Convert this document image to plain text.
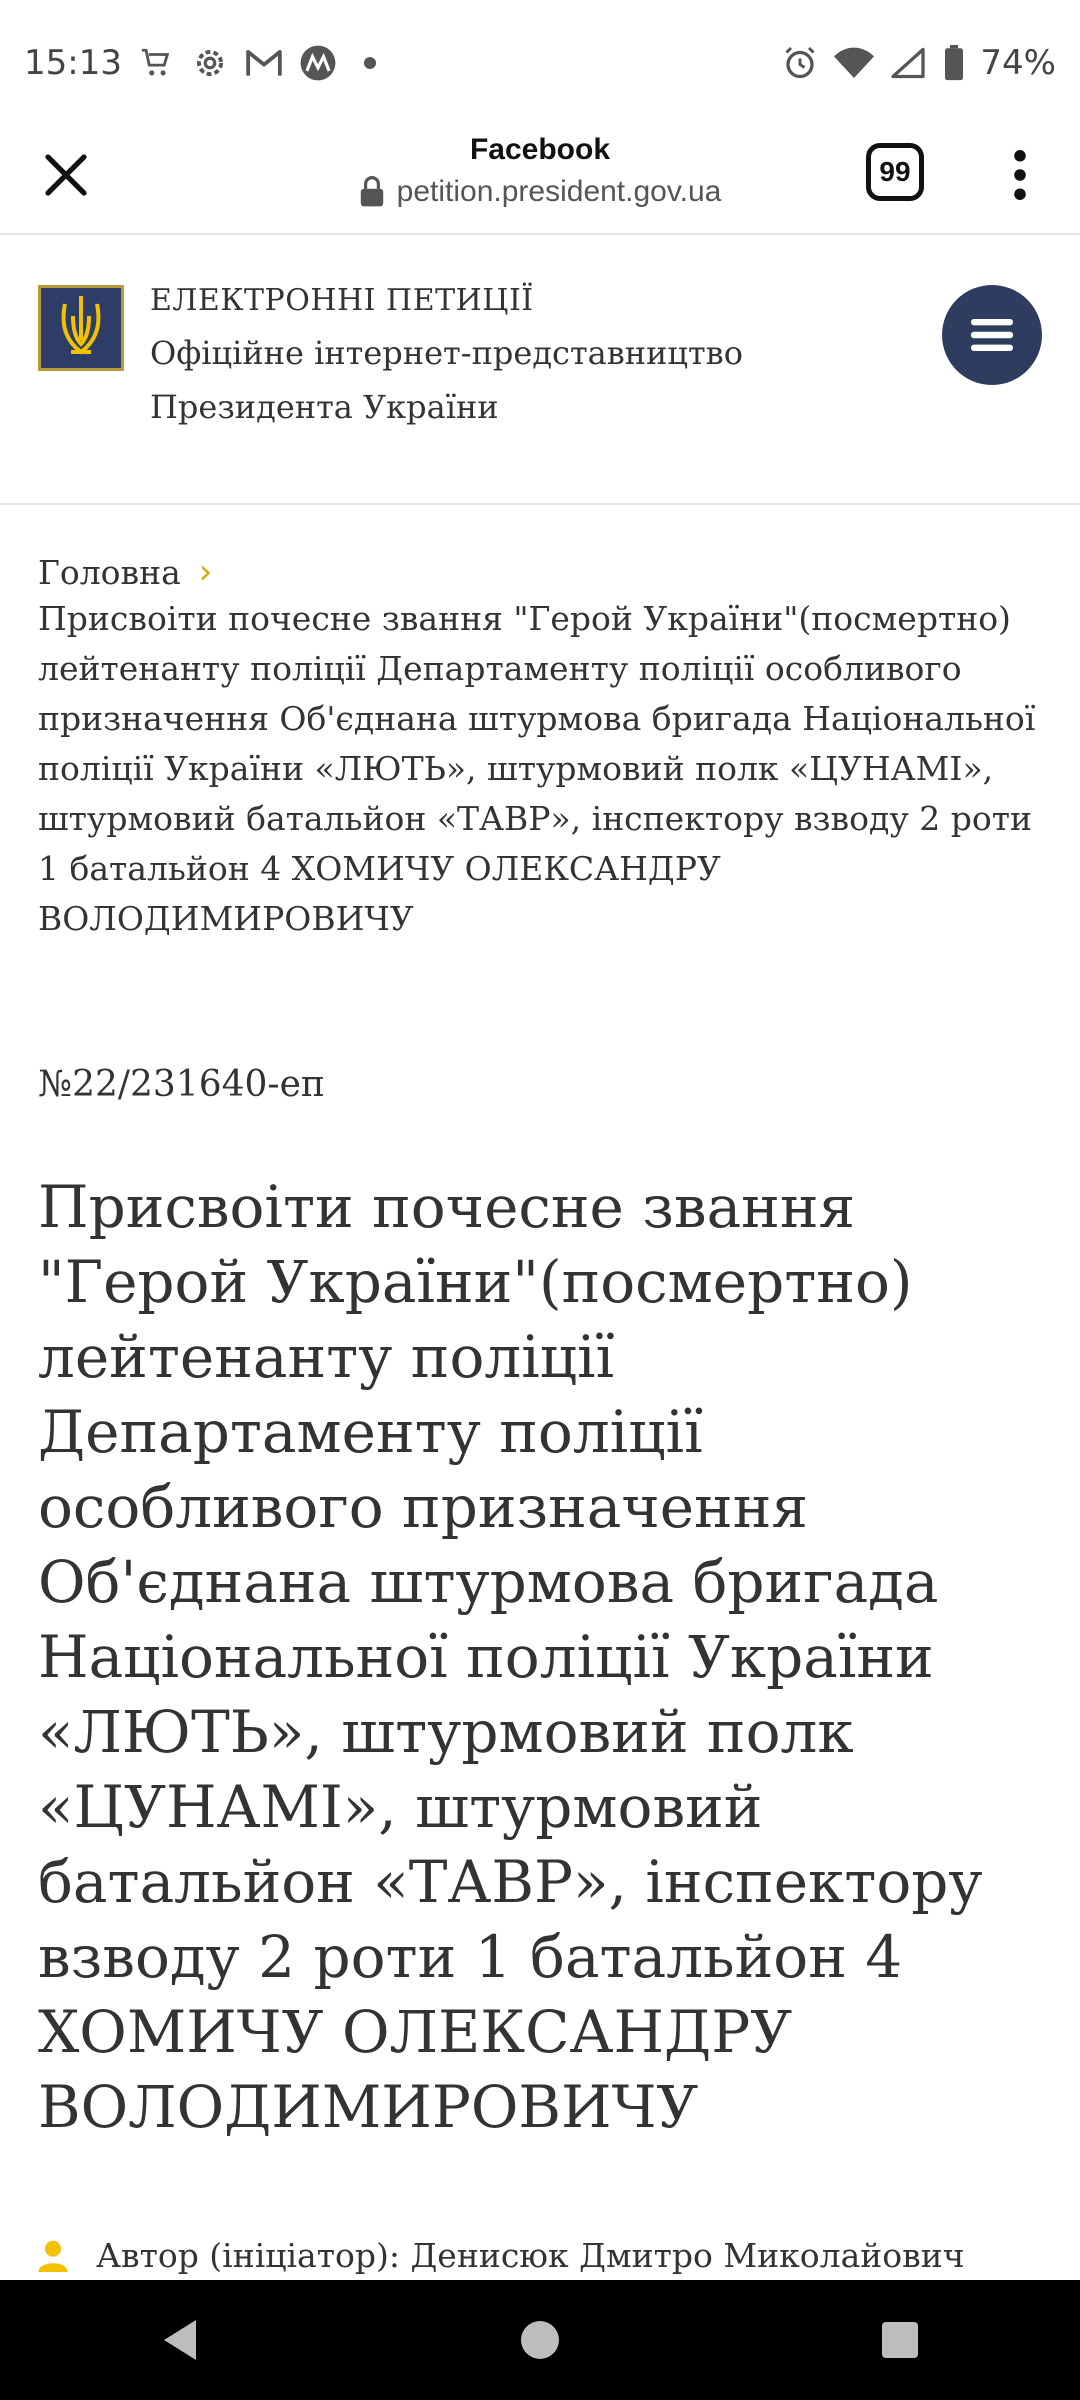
15:13	74%
Facebook
petition.president.gov.ua
99
ЕЛЕКТРОННІ ПЕТИЦІЇ
Офіційне інтернет-представництво
Президента України
Головна ›
Присвоіти почесне звання "Герой України"(посмертно) лейтенанту поліції Департаменту поліції особливого призначення Об'єднана штурмова бригада Національної поліції України «ЛЮТЬ», штурмовий полк «ЦУНАМІ», штурмовий батальйон «ТАВР», інспектору взводу 2 роти 1 батальйон 4 ХОМИЧУ ОЛЕКСАНДРУ ВОЛОДИМИРОВИЧУ
№22/231640-еп
Присвоіти почесне звання "Герой України"(посмертно) лейтенанту поліції Департаменту поліції особливого призначення Об'єднана штурмова бригада Національної поліції України «ЛЮТЬ», штурмовий полк «ЦУНАМІ», штурмовий батальйон «ТАВР», інспектору взводу 2 роти 1 батальйон 4 ХОМИЧУ ОЛЕКСАНДРУ ВОЛОДИМИРОВИЧУ
Автор (ініціатор): Денисюк Дмитро Миколайович
